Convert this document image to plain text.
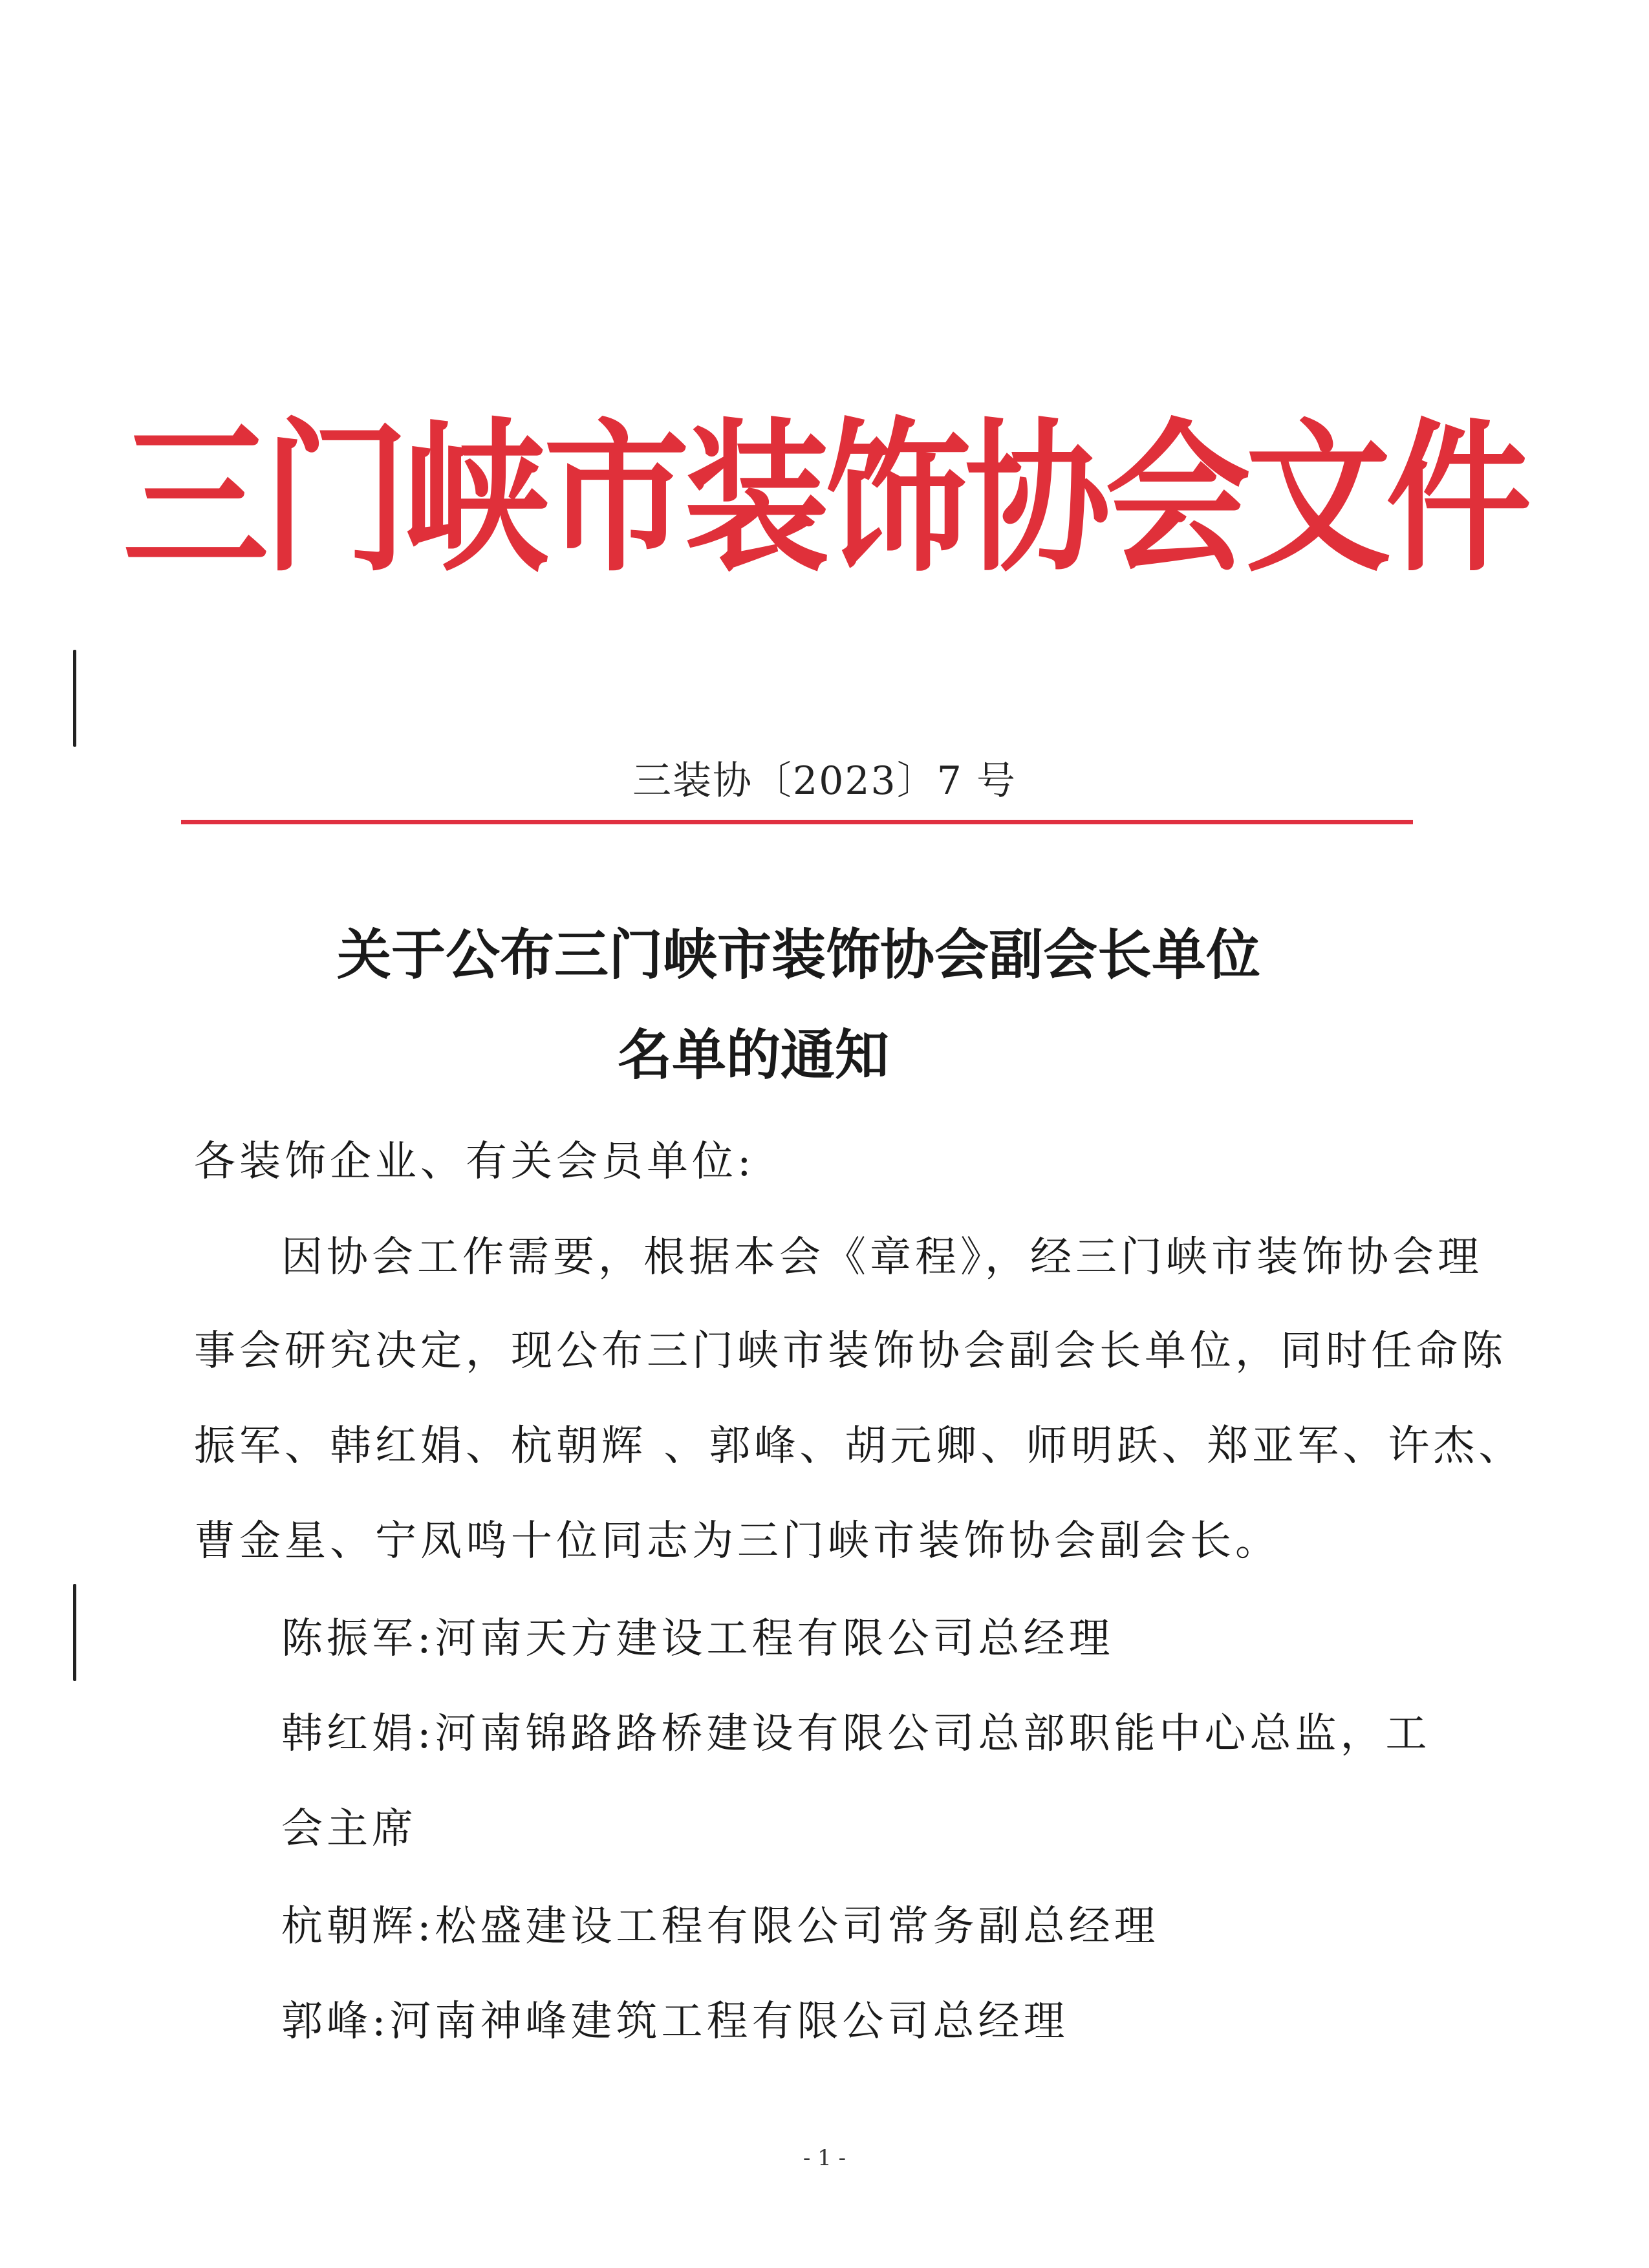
三门峡市装饰协会文件
三装协〔2023〕7 号
关于公布三门峡市装饰协会副会长单位
名单的通知
各装饰企业、有关会员单位:
因协会工作需要，根据本会《章程》，经三门峡市装饰协会理
事会研究决定，现公布三门峡市装饰协会副会长单位，同时任命陈
振军、韩红娟、杭朝辉 、郭峰、胡元卿、师明跃、郑亚军、许杰、
曹金星、宁凤鸣十位同志为三门峡市装饰协会副会长。
陈振军:河南天方建设工程有限公司总经理
韩红娟:河南锦路路桥建设有限公司总部职能中心总监，工
会主席
杭朝辉:松盛建设工程有限公司常务副总经理
郭峰:河南神峰建筑工程有限公司总经理
- 1 -
